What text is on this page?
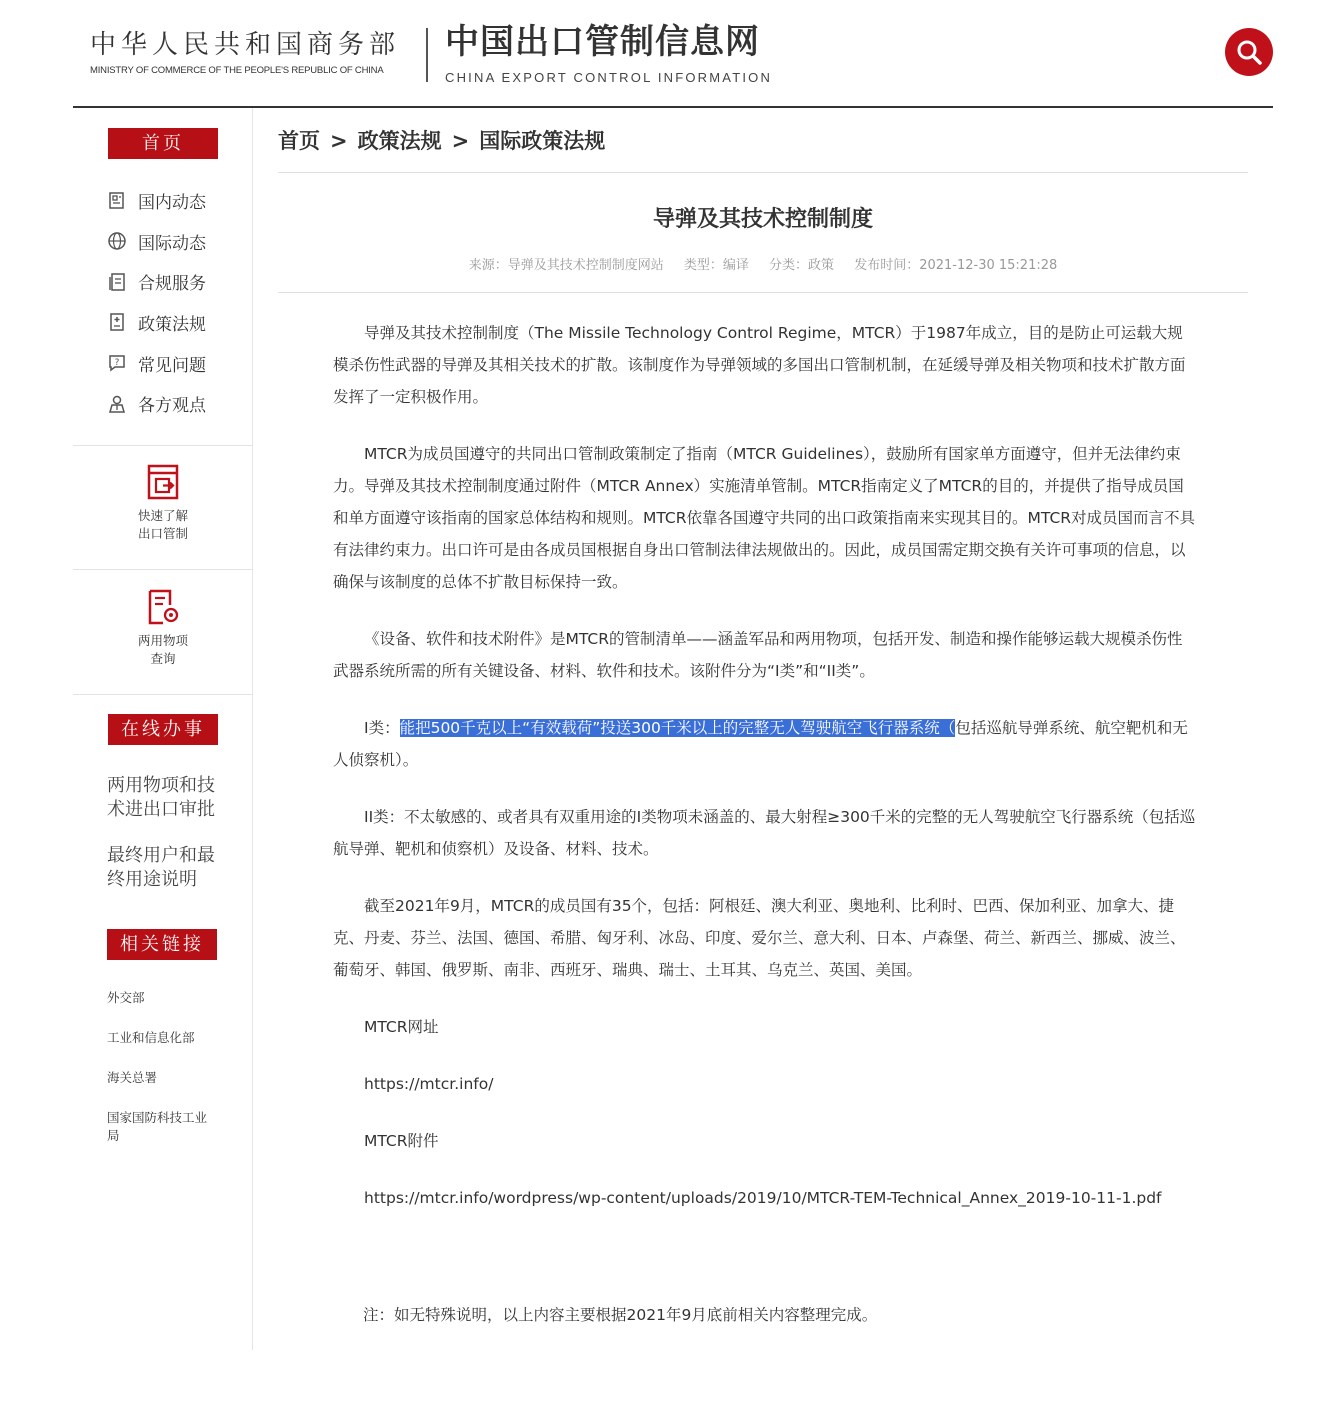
中华人民共和国商务部
MINISTRY OF COMMERCE OF THE PEOPLE'S REPUBLIC OF CHINA
中国出口管制信息网
CHINA EXPORT CONTROL INFORMATION
首页
国内动态
国际动态
合规服务
政策法规
? 常见问题
各方观点
快速了解
出口管制
两用物项
查询
在线办事
两用物项和技术进出口审批
最终用户和最终用途说明
相关链接
外交部
工业和信息化部
海关总署
国家国防科技工业局
首页 > 政策法规 > 国际政策法规
导弹及其技术控制制度
来源：导弹及其技术控制制度网站 类型：编译 分类：政策 发布时间：2021-12-30 15:21:28

导弹及其技术控制制度（The Missile Technology Control Regime，MTCR）于1987年成立，目的是防止可运载大规模杀伤性武器的导弹及其相关技术的扩散。该制度作为导弹领域的多国出口管制机制，在延缓导弹及相关物项和技术扩散方面发挥了一定积极作用。

MTCR为成员国遵守的共同出口管制政策制定了指南（MTCR Guidelines），鼓励所有国家单方面遵守，但并无法律约束力。导弹及其技术控制制度通过附件（MTCR Annex）实施清单管制。MTCR指南定义了MTCR的目的，并提供了指导成员国和单方面遵守该指南的国家总体结构和规则。MTCR依靠各国遵守共同的出口政策指南来实现其目的。MTCR对成员国而言不具有法律约束力。出口许可是由各成员国根据自身出口管制法律法规做出的。因此，成员国需定期交换有关许可事项的信息，以确保与该制度的总体不扩散目标保持一致。

《设备、软件和技术附件》是MTCR的管制清单——涵盖军品和两用物项，包括开发、制造和操作能够运载大规模杀伤性武器系统所需的所有关键设备、材料、软件和技术。该附件分为“I类”和“II类”。

I类：能把500千克以上“有效载荷”投送300千米以上的完整无人驾驶航空飞行器系统（包括巡航导弹系统、航空靶机和无人侦察机）。

II类：不太敏感的、或者具有双重用途的I类物项未涵盖的、最大射程≥300千米的完整的无人驾驶航空飞行器系统（包括巡航导弹、靶机和侦察机）及设备、材料、技术。

截至2021年9月，MTCR的成员国有35个，包括：阿根廷、澳大利亚、奥地利、比利时、巴西、保加利亚、加拿大、捷克、丹麦、芬兰、法国、德国、希腊、匈牙利、冰岛、印度、爱尔兰、意大利、日本、卢森堡、荷兰、新西兰、挪威、波兰、葡萄牙、韩国、俄罗斯、南非、西班牙、瑞典、瑞士、土耳其、乌克兰、英国、美国。

MTCR网址

https://mtcr.info/

MTCR附件

https://mtcr.info/wordpress/wp-content/uploads/2019/10/MTCR-TEM-Technical_Annex_2019-10-11-1.pdf

注：如无特殊说明，以上内容主要根据2021年9月底前相关内容整理完成。
